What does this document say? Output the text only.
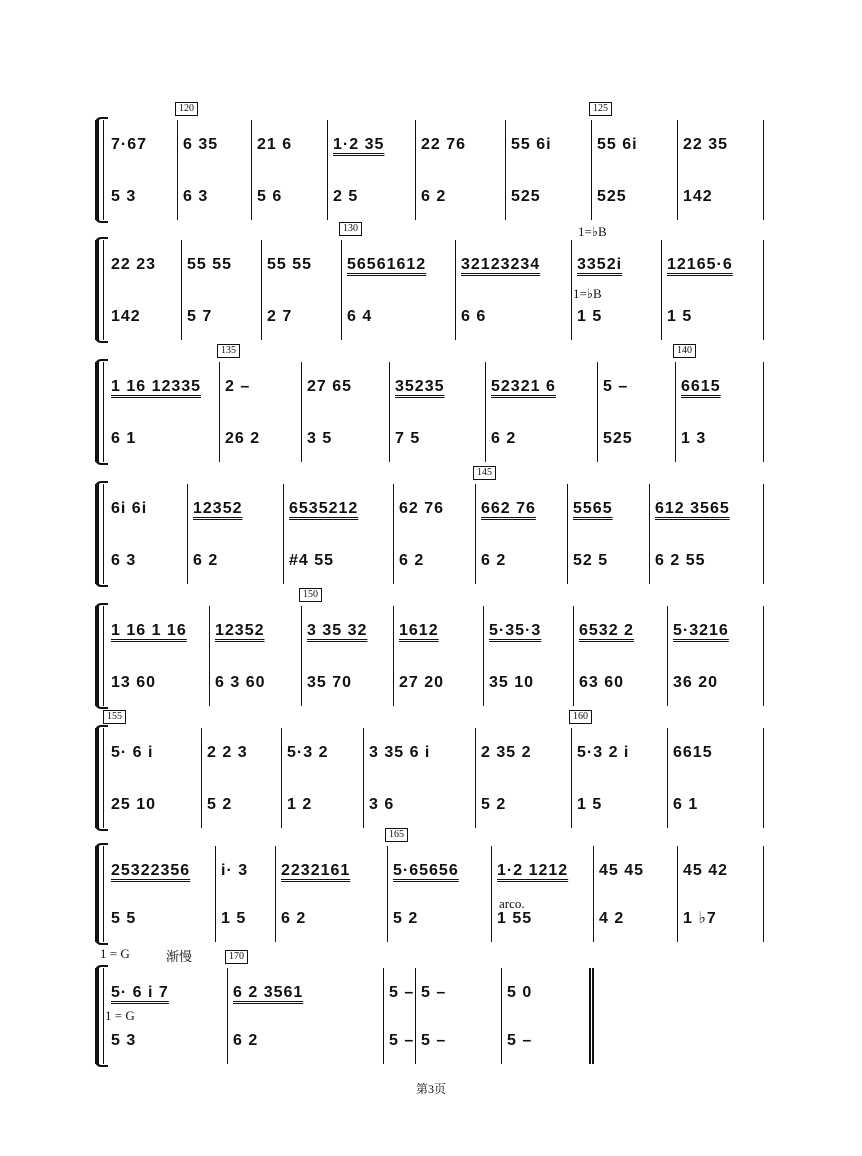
7·67
5 3
120
6 35
6 3
21 6
5 6
1·2 35
2 5
22 76
6 2
55 6i
525
125
55 6i
525
22 35
142
1=♭B
22 23
142
55 55
5 7
55 55
2 7
130
56561612
6 4
32123234
6 6
3352i
1 5
1=♭B
12165·6
1 5
1 16 12335
6 1
135
2 –
26 2
27 65
3 5
35235
7 5
52321 6
6 2
5 –
525
140
6615
1 3
6i 6i
6 3
12352
6 2
6535212
#4 55
62 76
6 2
145
662 76
6 2
5565
52 5
612 3565
6 2 55
1 16 1 16
13 60
12352
6 3 60
150
3 35 32
35 70
1612
27 20
5·35·3
35 10
6532 2
63 60
5·3216
36 20
155
5· 6 i
25 10
2 2 3
5 2
5·3 2
1 2
3 35 6 i
3 6
2 35 2
5 2
160
5·3 2 i
1 5
6615
6 1
25322356
5 5
i· 3
1 5
2232161
6 2
165
5·65656
5 2
1·2 1212
1 55
arco.
45 45
4 2
45 42
1 ♭7
1 = G	渐慢
5· 6 i 7
5 3
1 = G
170
6 2 3561
6 2
5 –
5 –
5 –
5 –
5 0
5 –
第3页
